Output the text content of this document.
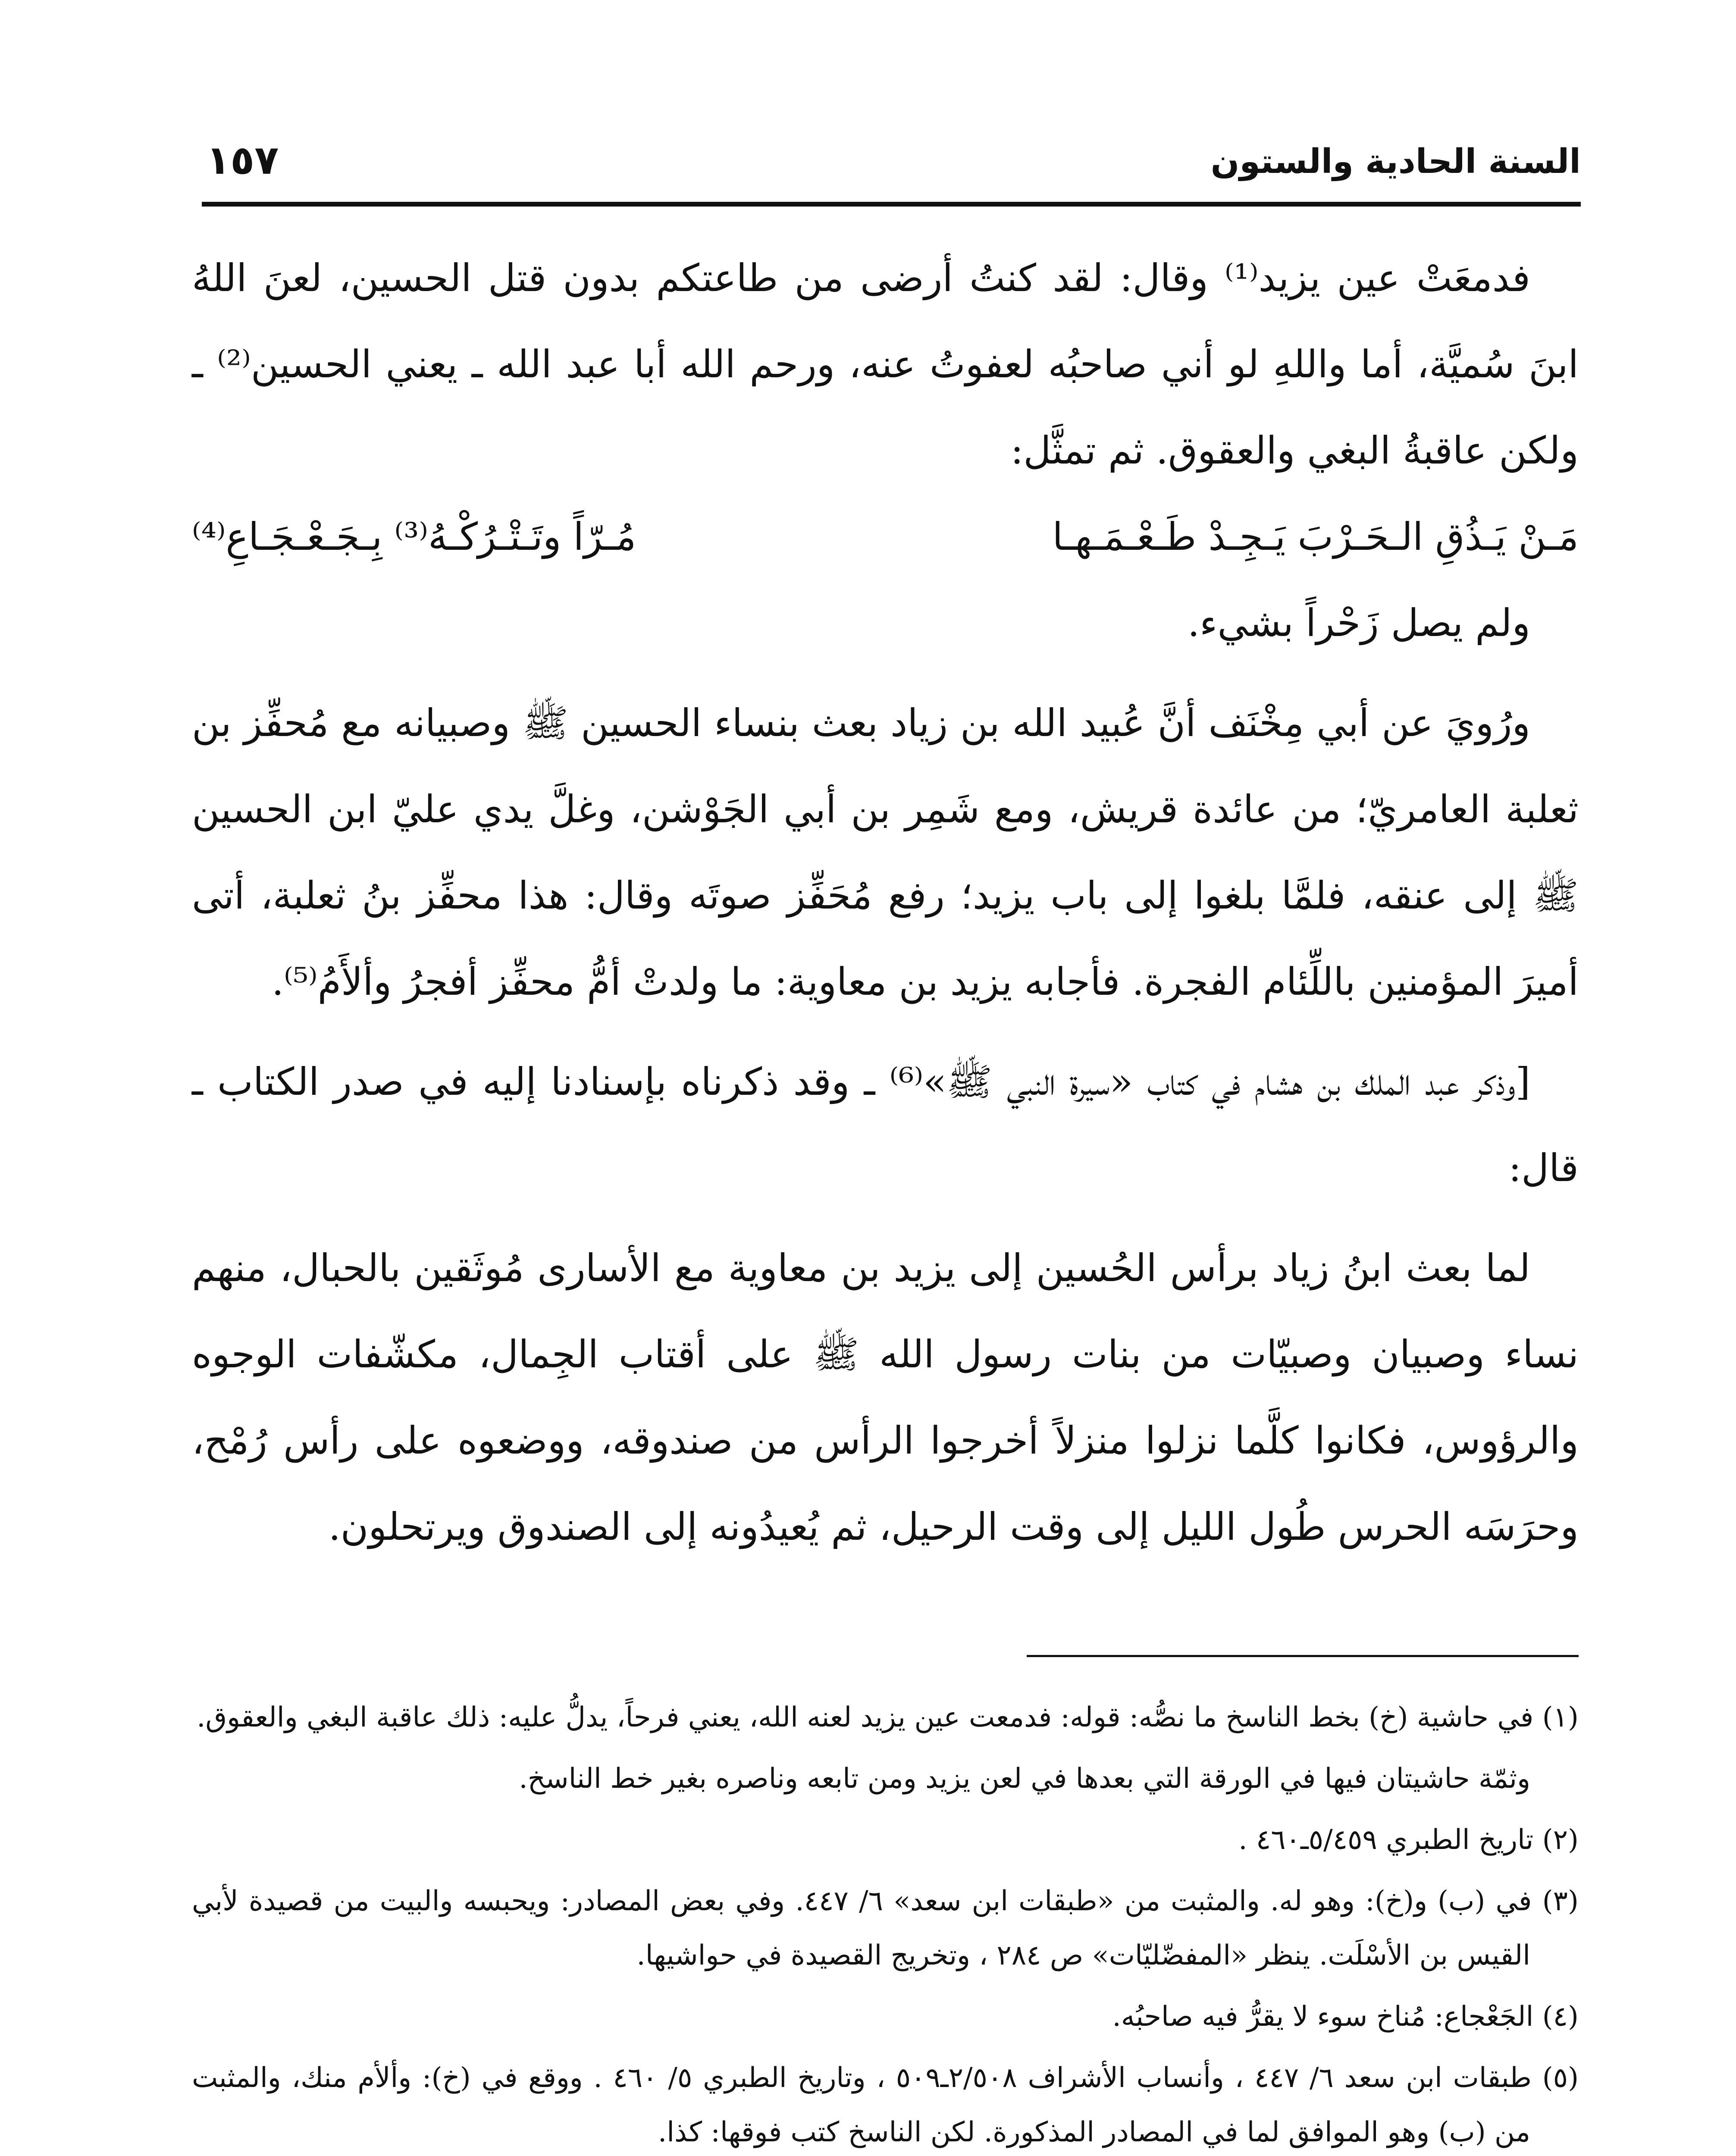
السنة الحادية والستون
١٥٧

فدمعَتْ عين يزيد⁽¹⁾ وقال: لقد كنتُ أرضى من طاعتكم بدون قتل الحسين، لعنَ اللهُ ابنَ سُميَّة، أما واللهِ لو أني صاحبُه لعفوتُ عنه، ورحم الله أبا عبد الله ـ يعني الحسين⁽²⁾ ـ ولكن عاقبةُ البغي والعقوق. ثم تمثَّل:

مَـنْ يَـذُقِ الـحَـرْبَ يَـجِـدْ طَـعْـمَـهـا
مُـرّاً وتَـتْـرُكْـهُ⁽³⁾ بِـجَـعْـجَـاعِ⁽⁴⁾

ولم يصل زَحْراً بشيء.

ورُويَ عن أبي مِخْنَف أنَّ عُبيد الله بن زياد بعث بنساء الحسين ﷺ وصبيانه مع مُحفِّز بن ثعلبة العامريّ؛ من عائدة قريش، ومع شَمِر بن أبي الجَوْشن، وغلَّ يدي عليّ ابن الحسين ﷺ إلى عنقه، فلمَّا بلغوا إلى باب يزيد؛ رفع مُحَفِّز صوتَه وقال: هذا محفِّز بنُ ثعلبة، أتى أميرَ المؤمنين باللِّئام الفجرة. فأجابه يزيد بن معاوية: ما ولدتْ أمُّ محفِّز أفجرُ وألأَمُ⁽⁵⁾.

[وذكر عبد الملك بن هشام في كتاب «سيرة النبي ﷺ»⁽⁶⁾ ـ وقد ذكرناه بإسنادنا إليه في صدر الكتاب ـ قال:

لما بعث ابنُ زياد برأس الحُسين إلى يزيد بن معاوية مع الأسارى مُوثَقين بالحبال، منهم نساء وصبيان وصبيّات من بنات رسول الله ﷺ على أقتاب الجِمال، مكشّفات الوجوه والرؤوس، فكانوا كلَّما نزلوا منزلاً أخرجوا الرأس من صندوقه، ووضعوه على رأس رُمْح، وحرَسَه الحرس طُول الليل إلى وقت الرحيل، ثم يُعيدُونه إلى الصندوق ويرتحلون.

(١) في حاشية (خ) بخط الناسخ ما نصُّه: قوله: فدمعت عين يزيد لعنه الله، يعني فرحاً، يدلُّ عليه: ذلك عاقبة البغي والعقوق.

وثمّة حاشيتان فيها في الورقة التي بعدها في لعن يزيد ومن تابعه وناصره بغير خط الناسخ.

(٢) تاريخ الطبري ٥/٤٥٩ـ٤٦٠ .

(٣) في (ب) و(خ): وهو له. والمثبت من «طبقات ابن سعد» ٦/ ٤٤٧. وفي بعض المصادر: ويحبسه والبيت من قصيدة لأبي القيس بن الأسْلَت. ينظر «المفضّليّات» ص ٢٨٤ ، وتخريج القصيدة في حواشيها.

(٤) الجَعْجاع: مُناخ سوء لا يقرُّ فيه صاحبُه.

(٥) طبقات ابن سعد ٦/ ٤٤٧ ، وأنساب الأشراف ٢/٥٠٨ـ٥٠٩ ، وتاريخ الطبري ٥/ ٤٦٠ . ووقع في (خ): وألأم منك، والمثبت من (ب) وهو الموافق لما في المصادر المذكورة. لكن الناسخ كتب فوقها: كذا.
